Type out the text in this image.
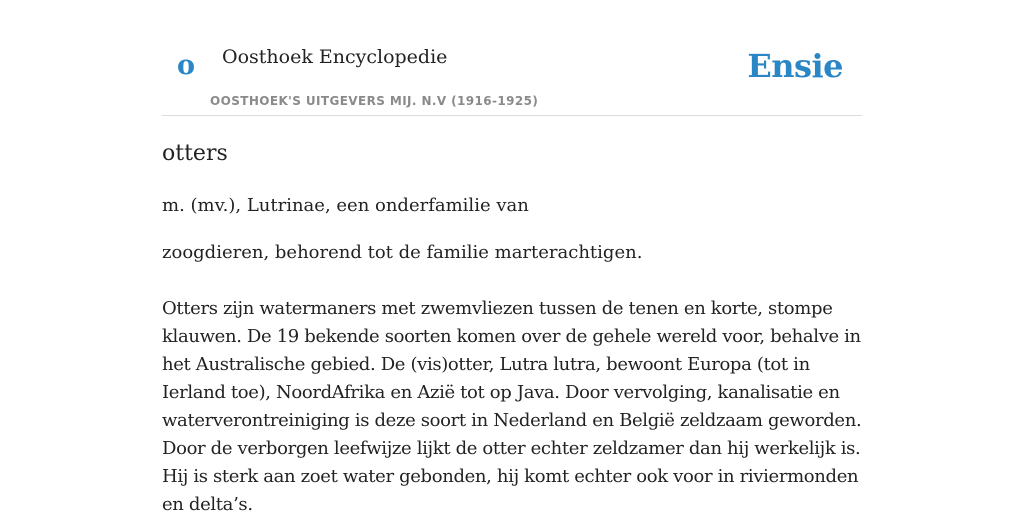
o Oosthoek Encyclopedie
OOSTHOEK'S UITGEVERS MIJ. N.V (1916-1925)
Ensie
otters

m. (mv.), Lutrinae, een onderfamilie van

zoogdieren, behorend tot de familie marterachtigen.

Otters zijn watermaners met zwemvliezen tussen de tenen en korte, stompe klauwen. De 19 bekende soorten komen over de gehele wereld voor, behalve in het Australische gebied. De (vis)otter, Lutra lutra, bewoont Europa (tot in Ierland toe), NoordAfrika en Azië tot op Java. Door vervolging, kanalisatie en waterverontreiniging is deze soort in Nederland en België zeldzaam geworden. Door de verborgen leefwijze lijkt de otter echter zeldzamer dan hij werkelijk is. Hij is sterk aan zoet water gebonden, hij komt echter ook voor in riviermonden en delta’s.
